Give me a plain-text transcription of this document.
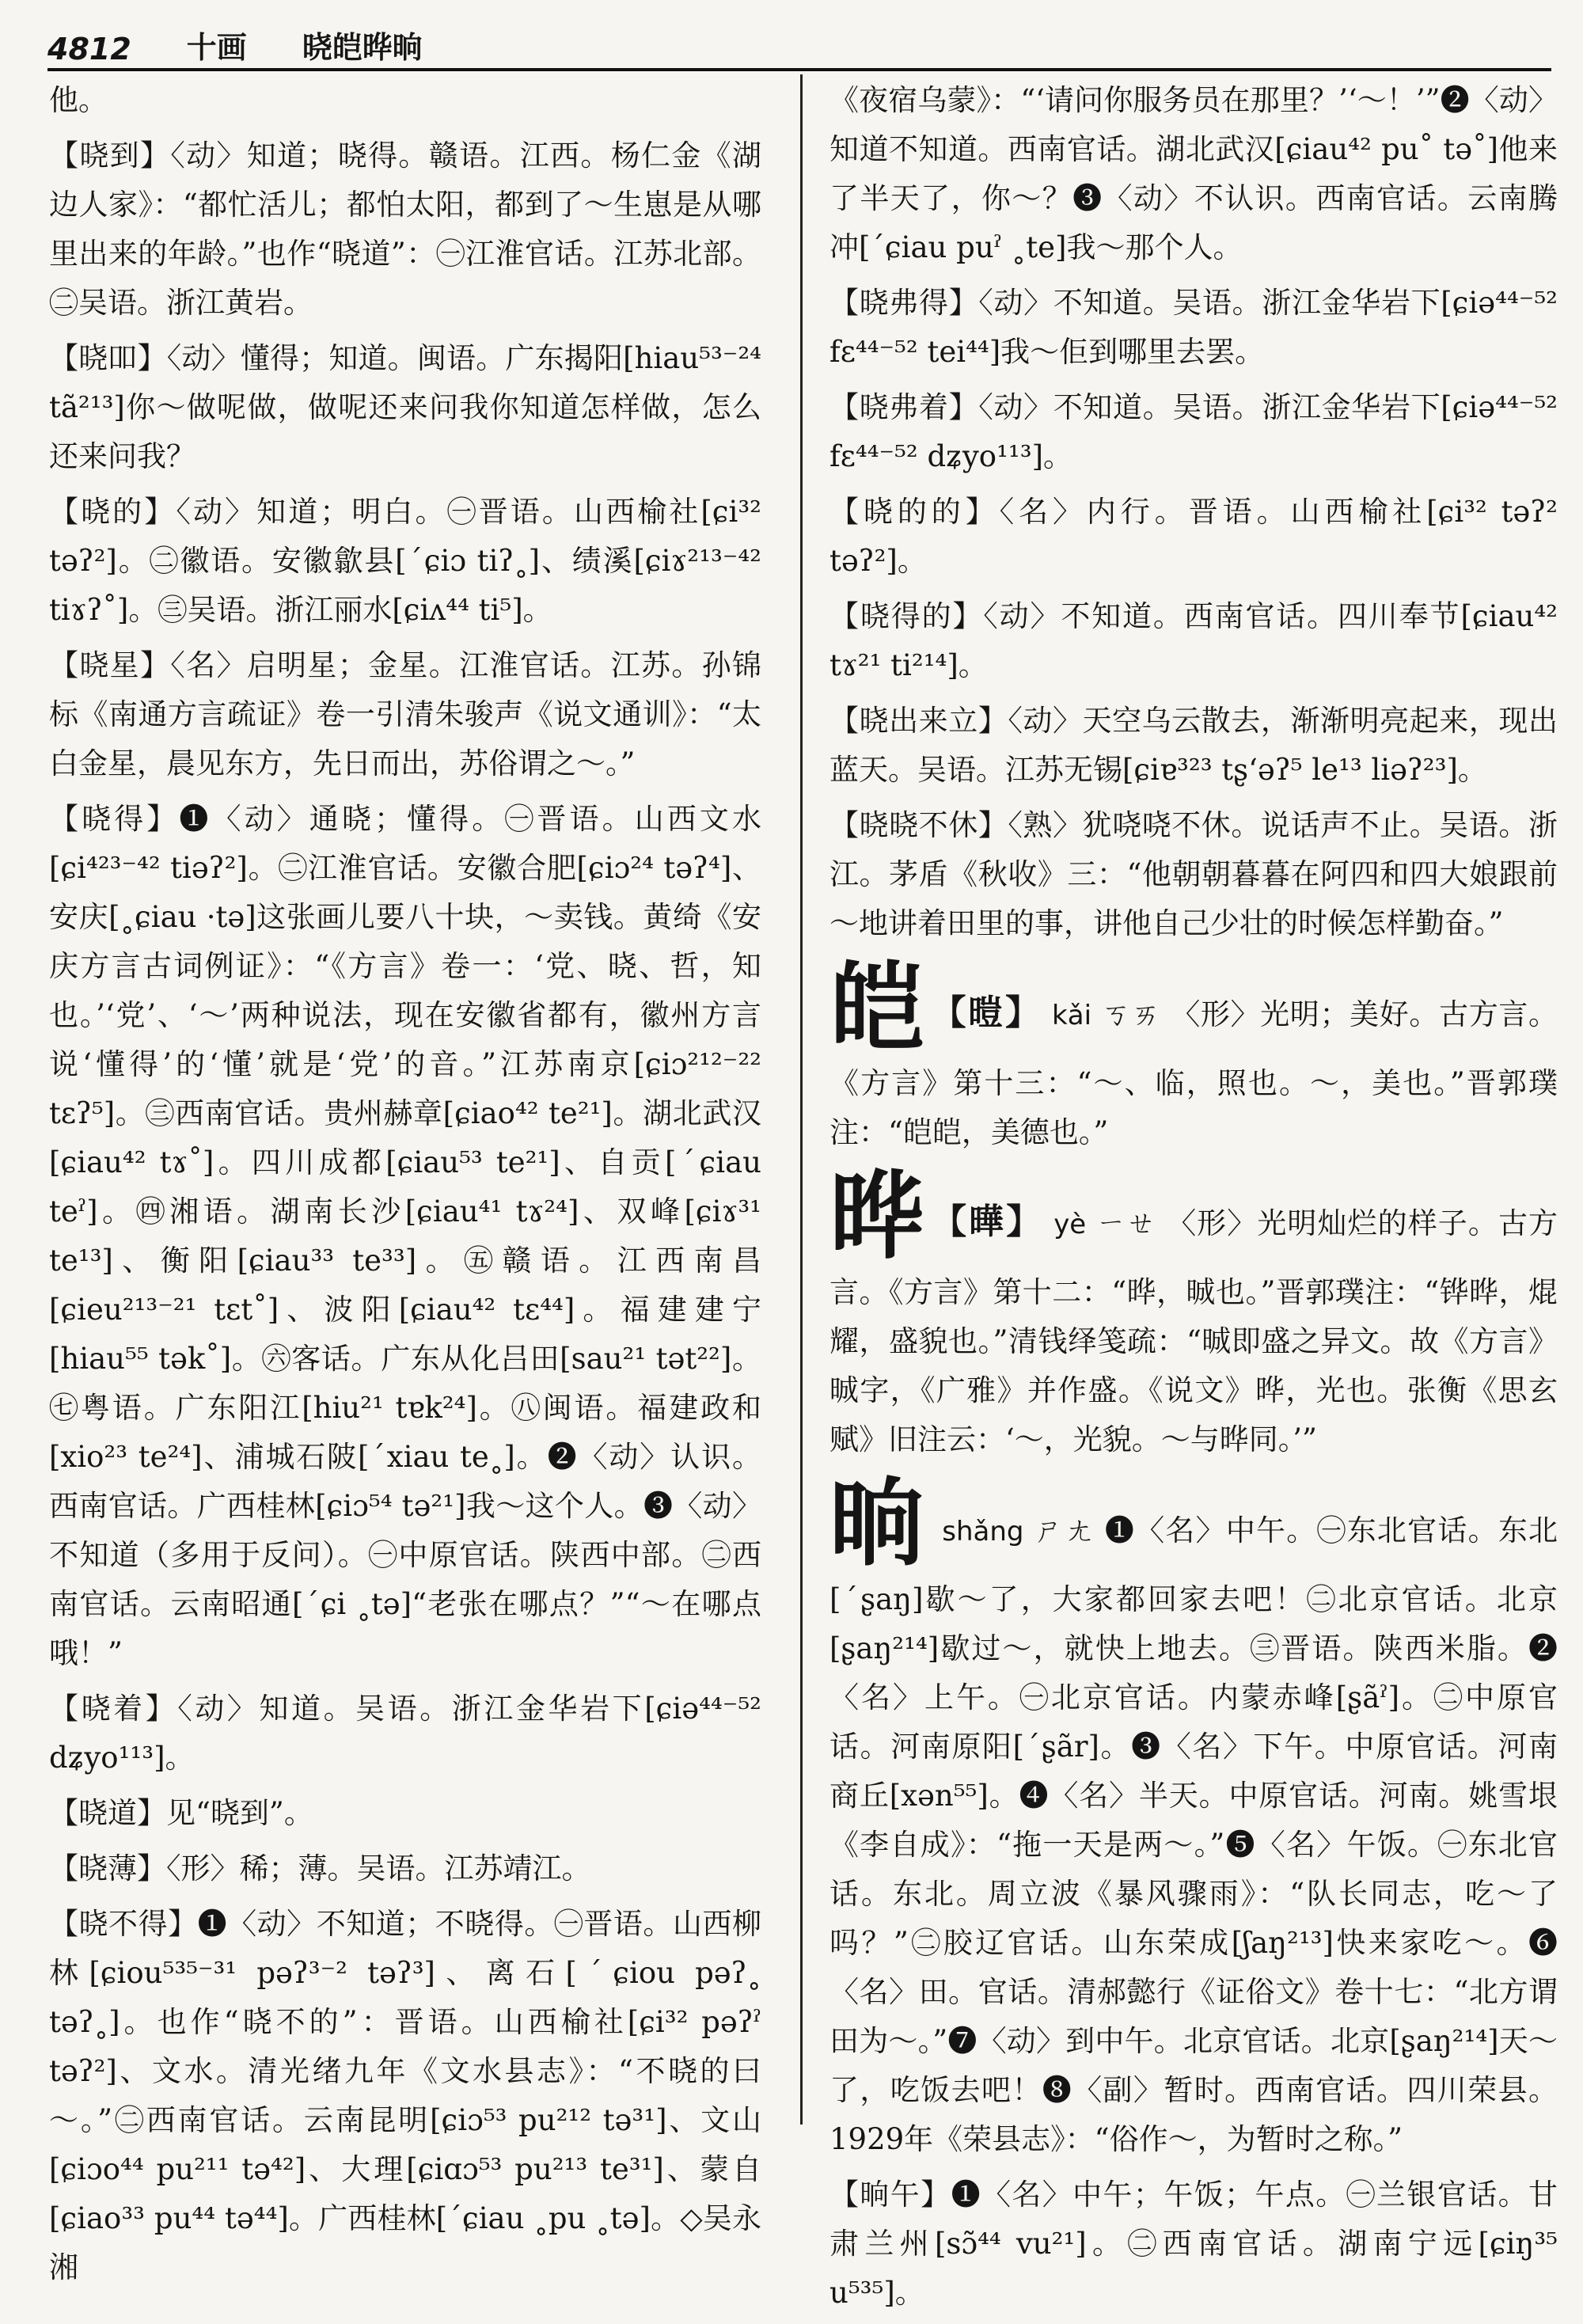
4812 十画 晓皑晔晌

他。

【晓到】〈动〉知道；晓得。赣语。江西。杨仁金《湖边人家》：“都忙活儿；都怕太阳，都到了～生崽是从哪里出来的年龄。”也作“晓道”：㊀江淮官话。江苏北部。㊁吴语。浙江黄岩。

【晓吅】〈动〉懂得；知道。闽语。广东揭阳[hiau⁵³⁻²⁴ tã²¹³]你～做呢做，做呢还来问我你知道怎样做，怎么还来问我？

【晓的】〈动〉知道；明白。㊀晋语。山西榆社[ɕi³² təʔ²]。㊁徽语。安徽歙县[ˊɕiɔ tiʔ˳]、绩溪[ɕiɤ²¹³⁻⁴² tiɤʔ˚]。㊂吴语。浙江丽水[ɕiʌ⁴⁴ ti⁵]。

【晓星】〈名〉启明星；金星。江淮官话。江苏。孙锦标《南通方言疏证》卷一引清朱骏声《说文通训》：“太白金星，晨见东方，先日而出，苏俗谓之～。”

【晓得】❶〈动〉通晓；懂得。㊀晋语。山西文水[ɕi⁴²³⁻⁴² tiəʔ²]。㊁江淮官话。安徽合肥[ɕiɔ²⁴ təʔ⁴]、安庆[˳ɕiau ·tə]这张画儿要八十块，～卖钱。黄绮《安庆方言古词例证》：“《方言》卷一：‘党、晓、哲，知也。’‘党’、‘～’两种说法，现在安徽省都有，徽州方言说‘懂得’的‘懂’就是‘党’的音。”江苏南京[ɕiɔ²¹²⁻²² tɛʔ⁵]。㊂西南官话。贵州赫章[ɕiao⁴² te²¹]。湖北武汉[ɕiau⁴² tɤ˚]。四川成都[ɕiau⁵³ te²¹]、自贡[ˊɕiau teˀ]。㊃湘语。湖南长沙[ɕiau⁴¹ tɤ²⁴]、双峰[ɕiɤ³¹ te¹³]、衡阳[ɕiau³³ te³³]。㊄赣语。江西南昌[ɕieu²¹³⁻²¹ tɛt˚]、波阳[ɕiau⁴² tɛ⁴⁴]。福建建宁[hiau⁵⁵ tək˚]。㊅客话。广东从化吕田[sau²¹ tət²²]。㊆粤语。广东阳江[hiu²¹ tɐk²⁴]。㊇闽语。福建政和[xio²³ te²⁴]、浦城石陂[ˊxiau te˳]。❷〈动〉认识。西南官话。广西桂林[ɕiɔ⁵⁴ tə²¹]我～这个人。❸〈动〉不知道（多用于反问）。㊀中原官话。陕西中部。㊁西南官话。云南昭通[ˊɕi ˳tə]“老张在哪点？”“～在哪点哦！”

【晓着】〈动〉知道。吴语。浙江金华岩下[ɕiə⁴⁴⁻⁵² dʑyo¹¹³]。

【晓道】见“晓到”。

【晓薄】〈形〉稀；薄。吴语。江苏靖江。

【晓不得】❶〈动〉不知道；不晓得。㊀晋语。山西柳林[ɕiou⁵³⁵⁻³¹ pəʔ³⁻² təʔ³]、离石[ˊɕiou pəʔ˳ təʔ˳]。也作“晓不的”：晋语。山西榆社[ɕi³² pəʔˀ təʔ²]、文水。清光绪九年《文水县志》：“不晓的曰～。”㊁西南官话。云南昆明[ɕiɔ⁵³ pu²¹² tə³¹]、文山[ɕiɔo⁴⁴ pu²¹¹ tə⁴²]、大理[ɕiɑɔ⁵³ pu²¹³ te³¹]、蒙自[ɕiao³³ pu⁴⁴ tə⁴⁴]。广西桂林[ˊɕiau ˳pu ˳tə]。◇吴永湘

《夜宿乌蒙》：“‘请问你服务员在那里？’‘～！’”❷〈动〉知道不知道。西南官话。湖北武汉[ɕiau⁴² pu˚ tə˚]他来了半天了，你～？❸〈动〉不认识。西南官话。云南腾冲[ˊɕiau puˀ ˳te]我～那个人。

【晓弗得】〈动〉不知道。吴语。浙江金华岩下[ɕiə⁴⁴⁻⁵² fɛ⁴⁴⁻⁵² tei⁴⁴]我～佢到哪里去罢。

【晓弗着】〈动〉不知道。吴语。浙江金华岩下[ɕiə⁴⁴⁻⁵² fɛ⁴⁴⁻⁵² dʑyo¹¹³]。

【晓的的】〈名〉内行。晋语。山西榆社[ɕi³² təʔ² təʔ²]。

【晓得的】〈动〉不知道。西南官话。四川奉节[ɕiau⁴² tɤ²¹ ti²¹⁴]。

【晓出来立】〈动〉天空乌云散去，渐渐明亮起来，现出蓝天。吴语。江苏无锡[ɕiɐ³²³ tʂʻəʔ⁵ le¹³ liəʔ²³]。

【晓晓不休】〈熟〉犹哓哓不休。说话声不止。吴语。浙江。茅盾《秋收》三：“他朝朝暮暮在阿四和四大娘跟前～地讲着田里的事，讲他自己少壮的时候怎样勤奋。”

皑 【暟】 kǎi ㄎㄞ 〈形〉光明；美好。古方言。《方言》第十三：“～、临，照也。～，美也。”晋郭璞注：“皑皑，美德也。”
晔 【曄】 yè ㄧㄝ 〈形〉光明灿烂的样子。古方言。《方言》第十二：“晔，晠也。”晋郭璞注：“铧晔，焜耀，盛貌也。”清钱绎笺疏：“晠即盛之异文。故《方言》晠字，《广雅》并作盛。《说文》晔，光也。张衡《思玄赋》旧注云：‘～，光貌。～与晔同。’”
晌 shǎng ㄕㄤ ❶〈名〉中午。㊀东北官话。东北[ˊʂaŋ]歇～了，大家都回家去吧！㊁北京官话。北京[ʂaŋ²¹⁴]歇过～，就快上地去。㊂晋语。陕西米脂。❷〈名〉上午。㊀北京官话。内蒙赤峰[ʂãˀ]。㊁中原官话。河南原阳[ˊʂãr]。❸〈名〉下午。中原官话。河南商丘[xən⁵⁵]。❹〈名〉半天。中原官话。河南。姚雪垠《李自成》：“拖一天是两～。”❺〈名〉午饭。㊀东北官话。东北。周立波《暴风骤雨》：“队长同志，吃～了吗？”㊁胶辽官话。山东荣成[ʃaŋ²¹³]快来家吃～。❻〈名〉田。官话。清郝懿行《证俗文》卷十七：“北方谓田为～。”❼〈动〉到中午。北京官话。北京[ʂaŋ²¹⁴]天～了，吃饭去吧！❽〈副〉暂时。西南官话。四川荣县。1929年《荣县志》：“俗作～，为暂时之称。”

【晌午】❶〈名〉中午；午饭；午点。㊀兰银官话。甘肃兰州[sɔ̃⁴⁴ vu²¹]。㊁西南官话。湖南宁远[ɕiŋ³⁵ u⁵³⁵]。
